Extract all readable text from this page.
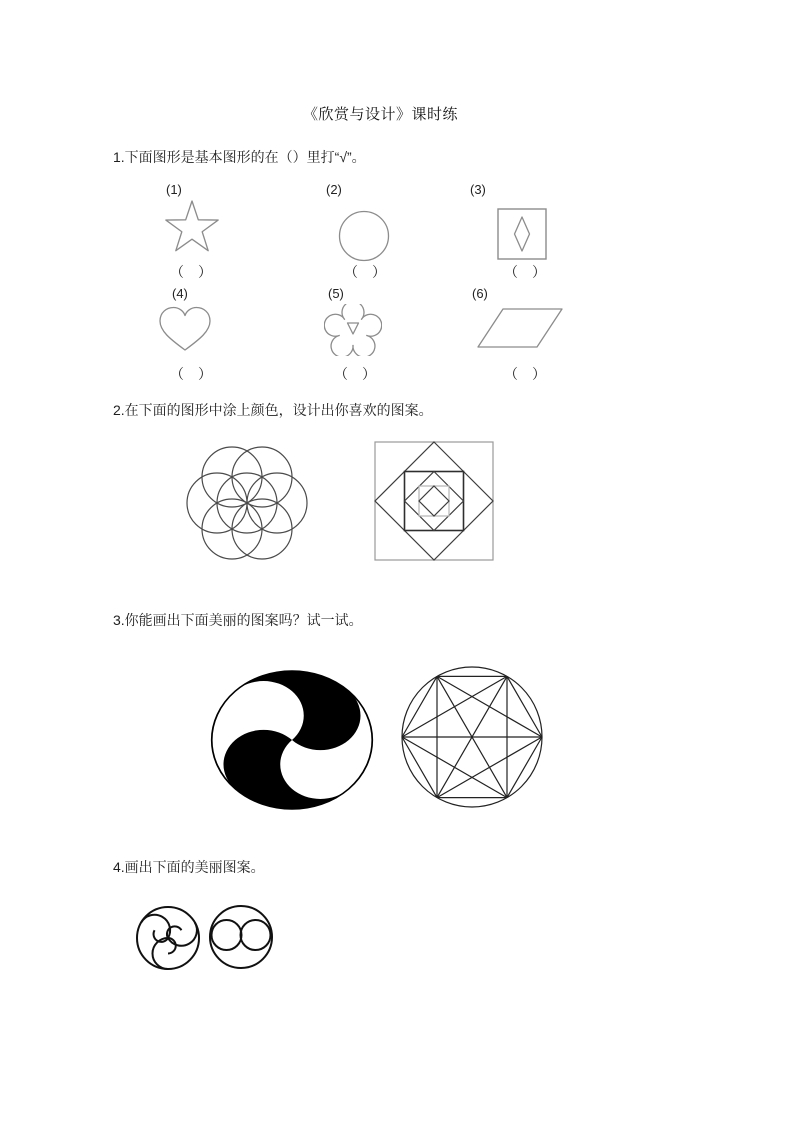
《欣赏与设计》课时练
1.下面图形是基本图形的在（）里打“√”。
(1)	(2)	(3)
（　）	（　）	（　）
(4)	(5)	(6)
（　）	（　）	（　）
2.在下面的图形中涂上颜色，设计出你喜欢的图案。
3.你能画出下面美丽的图案吗？试一试。
4.画出下面的美丽图案。
